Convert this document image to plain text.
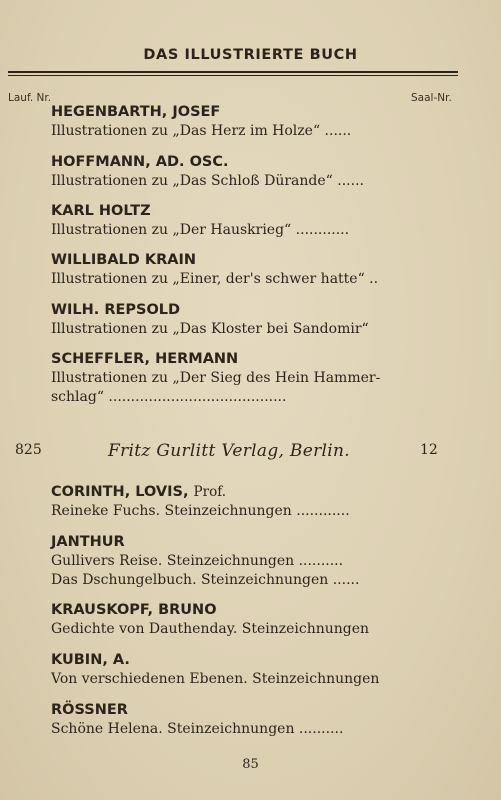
DAS ILLUSTRIERTE BUCH
Lauf. Nr.	Saal-Nr.
HEGENBARTH, JOSEF
Illustrationen zu „Das Herz im Holze“ ......
HOFFMANN, AD. OSC.
Illustrationen zu „Das Schloß Dürande“ ......
KARL HOLTZ
Illustrationen zu „Der Hauskrieg“ ............
WILLIBALD KRAIN
Illustrationen zu „Einer, der's schwer hatte“ ..
WILH. REPSOLD
Illustrationen zu „Das Kloster bei Sandomir“
SCHEFFLER, HERMANN
Illustrationen zu „Der Sieg des Hein Hammer-
schlag“ ........................................
825	Fritz Gurlitt Verlag, Berlin.	12
CORINTH, LOVIS, Prof.
Reineke Fuchs. Steinzeichnungen ............
JANTHUR
Gullivers Reise. Steinzeichnungen ..........
Das Dschungelbuch. Steinzeichnungen ......
KRAUSKOPF, BRUNO
Gedichte von Dauthenday. Steinzeichnungen
KUBIN, A.
Von verschiedenen Ebenen. Steinzeichnungen
RÖSSNER
Schöne Helena. Steinzeichnungen ..........
85
